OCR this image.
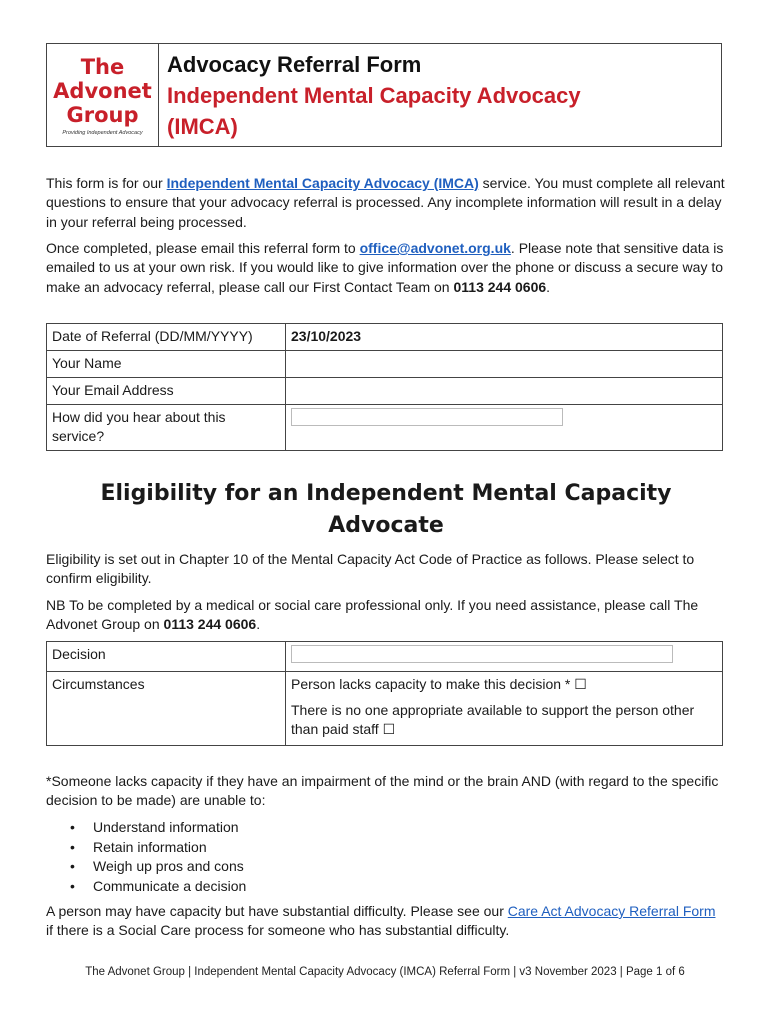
The
Advonet
Group
Providing Independent Advocacy
Advocacy Referral Form
Independent Mental Capacity Advocacy
(IMCA)

This form is for our Independent Mental Capacity Advocacy (IMCA) service. You must complete all relevant questions to ensure that your advocacy referral is processed. Any incomplete information will result in a delay in your referral being processed.

Once completed, please email this referral form to office@advonet.org.uk. Please note that sensitive data is emailed to us at your own risk. If you would like to give information over the phone or discuss a secure way to make an advocacy referral, please call our First Contact Team on 0113 244 0606.

Date of Referral (DD/MM/YYYY)	23/10/2023
Your Name	
Your Email Address	
How did you hear about this service?	
Eligibility for an Independent Mental Capacity
Advocate

Eligibility is set out in Chapter 10 of the Mental Capacity Act Code of Practice as follows. Please select to confirm eligibility.

NB To be completed by a medical or social care professional only. If you need assistance, please call The Advonet Group on 0113 244 0606.

Decision	
Circumstances	Person lacks capacity to make this decision * ☐
There is no one appropriate available to support the person other than paid staff ☐

*Someone lacks capacity if they have an impairment of the mind or the brain AND (with regard to the specific decision to be made) are unable to:

• Understand information
• Retain information
• Weigh up pros and cons
• Communicate a decision

A person may have capacity but have substantial difficulty. Please see our Care Act Advocacy Referral Form if there is a Social Care process for someone who has substantial difficulty.

The Advonet Group | Independent Mental Capacity Advocacy (IMCA) Referral Form | v3 November 2023 | Page 1 of 6
